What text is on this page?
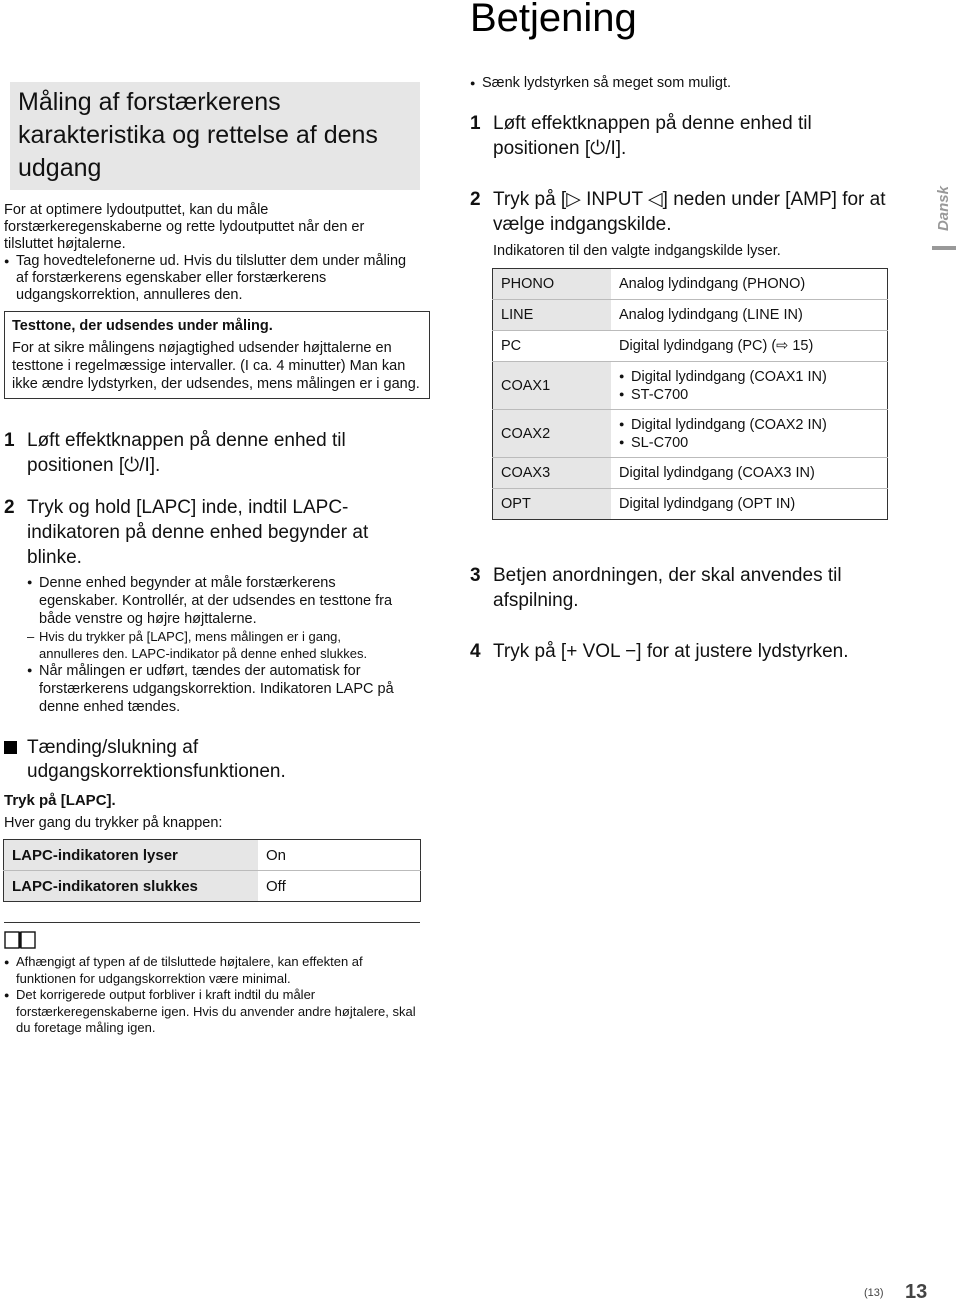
Betjening
Dansk
Måling af forstærkerens karakteristika og rettelse af dens udgang
For at optimere lydoutputtet, kan du måle forstærkeregenskaberne og rette lydoutputtet når den er tilsluttet højtalerne.
● Tag hovedtelefonerne ud. Hvis du tilslutter dem under måling af forstærkerens egenskaber eller forstærkerens udgangskorrektion, annulleres den.
Testtone, der udsendes under måling.
For at sikre målingens nøjagtighed udsender højttalerne en testtone i regelmæssige intervaller. (I ca. 4 minutter) Man kan ikke ændre lydstyrken, der udsendes, mens målingen er i gang.
1 Løft effektknappen på denne enhed til positionen [⏻/I].
2 Tryk og hold [LAPC] inde, indtil LAPC-indikatoren på denne enhed begynder at blinke.
● Denne enhed begynder at måle forstærkerens egenskaber. Kontrollér, at der udsendes en testtone fra både venstre og højre højttalerne.
– Hvis du trykker på [LAPC], mens målingen er i gang, annulleres den. LAPC-indikator på denne enhed slukkes.
● Når målingen er udført, tændes der automatisk for forstærkerens udgangskorrektion. Indikatoren LAPC på denne enhed tændes.
Tænding/slukning af udgangskorrektionsfunktionen.
Tryk på [LAPC].
Hver gang du trykker på knappen:
LAPC-indikatoren lyser	On
LAPC-indikatoren slukkes	Off
● Afhængigt af typen af de tilsluttede højtalere, kan effekten af funktionen for udgangskorrektion være minimal.
● Det korrigerede output forbliver i kraft indtil du måler forstærkeregenskaberne igen. Hvis du anvender andre højtalere, skal du foretage måling igen.
● Sænk lydstyrken så meget som muligt.
1 Løft effektknappen på denne enhed til positionen [⏻/I].
2 Tryk på [▷ INPUT ◁] neden under [AMP] for at vælge indgangskilde.
Indikatoren til den valgte indgangskilde lyser.
PHONO	Analog lydindgang (PHONO)
LINE	Analog lydindgang (LINE IN)
PC	Digital lydindgang (PC) (⇨ 15)
COAX1	● Digital lydindgang (COAX1 IN)
● ST-C700

COAX2	● Digital lydindgang (COAX2 IN)
● SL-C700

COAX3	Digital lydindgang (COAX3 IN)
OPT	Digital lydindgang (OPT IN)
3 Betjen anordningen, der skal anvendes til afspilning.
4 Tryk på [+ VOL −] for at justere lydstyrken.
(13) 13
